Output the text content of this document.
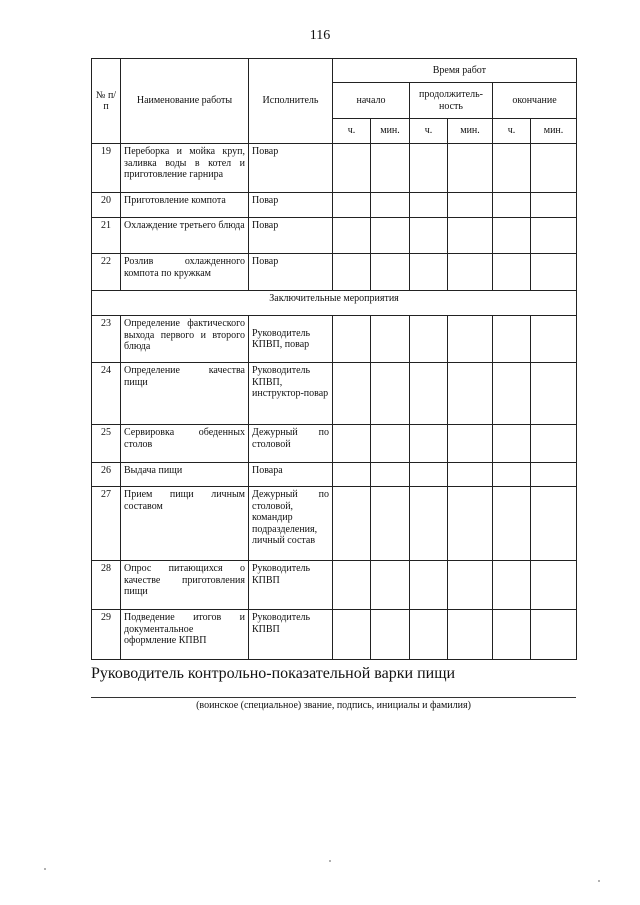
116
№ п/п	Наименование работы	Исполнитель	Время работ					
			начало		продолжитель-ность		окончание	
			ч.	мин.	ч.	мин.	ч.	мин.
19	Переборка и мойка круп, заливка воды в котел и приготовление гарнира	Повар						
20	Приготовление компота	Повар						
21	Охлаждение третьего блюда	Повар						
22	Розлив охлажденного компота по кружкам	Повар						
Заключительные мероприятия								
23	Определение фактического выхода первого и второго блюда	Руководитель КПВП, повар						
24	Определение качества пищи	Руководитель КПВП, инструктор-повар						
25	Сервировка обеденных столов	Дежурный по столовой						
26	Выдача пищи	Повара						
27	Прием пищи личным составом	Дежурный по столовой, командир подразделения, личный состав						
28	Опрос питающихся о качестве приготовления пищи	Руководитель КПВП						
29	Подведение итогов и документальное оформление КПВП	Руководитель КПВП						
Руководитель контрольно-показательной варки пищи
(воинское (специальное) звание, подпись, инициалы и фамилия)
